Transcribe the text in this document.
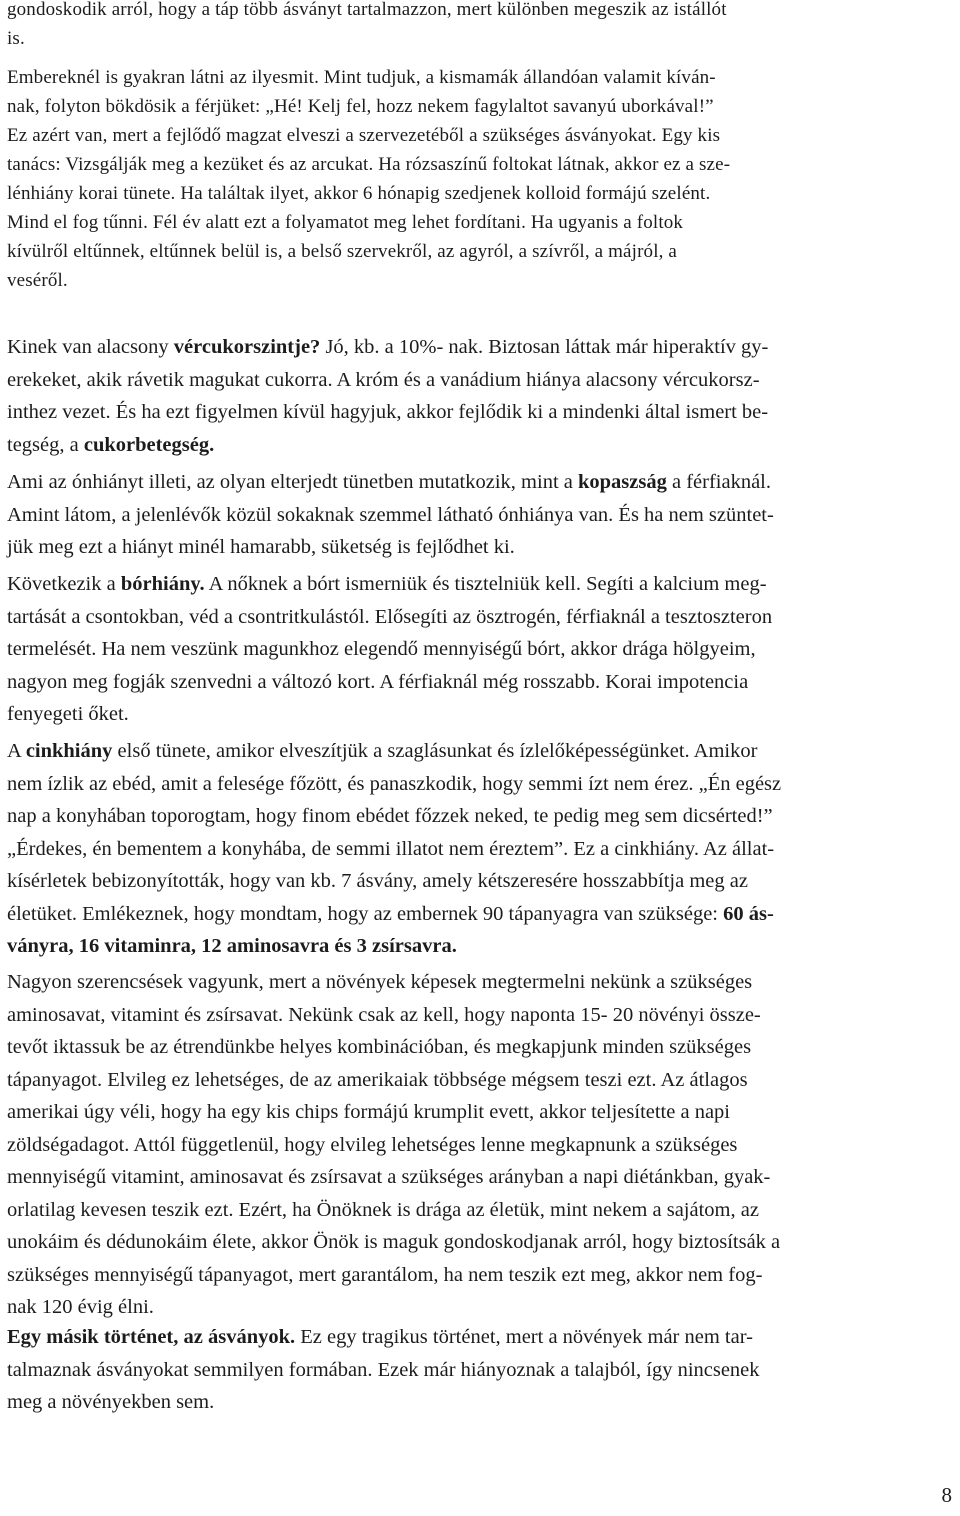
gondoskodik arról, hogy a táp több ásványt tartalmazzon, mert különben megeszik az istállót
is.
Embereknél is gyakran látni az ilyesmit. Mint tudjuk, a kismamák állandóan valamit kíván-
nak, folyton bökdösik a férjüket: „Hé! Kelj fel, hozz nekem fagylaltot savanyú uborkával!”
Ez azért van, mert a fejlődő magzat elveszi a szervezetéből a szükséges ásványokat. Egy kis
tanács: Vizsgálják meg a kezüket és az arcukat. Ha rózsaszínű foltokat látnak, akkor ez a sze-
lénhiány korai tünete. Ha találtak ilyet, akkor 6 hónapig szedjenek kolloid formájú szelént.
Mind el fog tűnni. Fél év alatt ezt a folyamatot meg lehet fordítani. Ha ugyanis a foltok
kívülről eltűnnek, eltűnnek belül is, a belső szervekről, az agyról, a szívről, a májról, a
veséről.
Kinek van alacsony vércukorszintje? Jó, kb. a 10%- nak. Biztosan láttak már hiperaktív gy-
erekeket, akik rávetik magukat cukorra. A króm és a vanádium hiánya alacsony vércukorsz-
inthez vezet. És ha ezt figyelmen kívül hagyjuk, akkor fejlődik ki a mindenki által ismert be-
tegség, a cukorbetegség.
Ami az ónhiányt illeti, az olyan elterjedt tünetben mutatkozik, mint a kopaszság a férfiaknál.
Amint látom, a jelenlévők közül sokaknak szemmel látható ónhiánya van. És ha nem szüntet-
jük meg ezt a hiányt minél hamarabb, süketség is fejlődhet ki.
Következik a bórhiány. A nőknek a bórt ismerniük és tisztelniük kell. Segíti a kalcium meg-
tartását a csontokban, véd a csontritkulástól. Elősegíti az ösztrogén, férfiaknál a tesztoszteron
termelését. Ha nem veszünk magunkhoz elegendő mennyiségű bórt, akkor drága hölgyeim,
nagyon meg fogják szenvedni a változó kort. A férfiaknál még rosszabb. Korai impotencia
fenyegeti őket.
A cinkhiány első tünete, amikor elveszítjük a szaglásunkat és ízlelőképességünket. Amikor
nem ízlik az ebéd, amit a felesége főzött, és panaszkodik, hogy semmi ízt nem érez. „Én egész
nap a konyhában toporogtam, hogy finom ebédet főzzek neked, te pedig meg sem dicsérted!”
„Érdekes, én bementem a konyhába, de semmi illatot nem éreztem”. Ez a cinkhiány. Az állat-
kísérletek bebizonyították, hogy van kb. 7 ásvány, amely kétszeresére hosszabbítja meg az
életüket. Emlékeznek, hogy mondtam, hogy az embernek 90 tápanyagra van szüksége: 60 ás-
ványra, 16 vitaminra, 12 aminosavra és 3 zsírsavra.
Nagyon szerencsések vagyunk, mert a növények képesek megtermelni nekünk a szükséges
aminosavat, vitamint és zsírsavat. Nekünk csak az kell, hogy naponta 15- 20 növényi össze-
tevőt iktassuk be az étrendünkbe helyes kombinációban, és megkapjunk minden szükséges
tápanyagot. Elvileg ez lehetséges, de az amerikaiak többsége mégsem teszi ezt. Az átlagos
amerikai úgy véli, hogy ha egy kis chips formájú krumplit evett, akkor teljesítette a napi
zöldségadagot. Attól függetlenül, hogy elvileg lehetséges lenne megkapnunk a szükséges
mennyiségű vitamint, aminosavat és zsírsavat a szükséges arányban a napi diétánkban, gyak-
orlatilag kevesen teszik ezt. Ezért, ha Önöknek is drága az életük, mint nekem a sajátom, az
unokáim és dédunokáim élete, akkor Önök is maguk gondoskodjanak arról, hogy biztosítsák a
szükséges mennyiségű tápanyagot, mert garantálom, ha nem teszik ezt meg, akkor nem fog-
nak 120 évig élni.
Egy másik történet, az ásványok. Ez egy tragikus történet, mert a növények már nem tar-
talmaznak ásványokat semmilyen formában. Ezek már hiányoznak a talajból, így nincsenek
meg a növényekben sem.
8
